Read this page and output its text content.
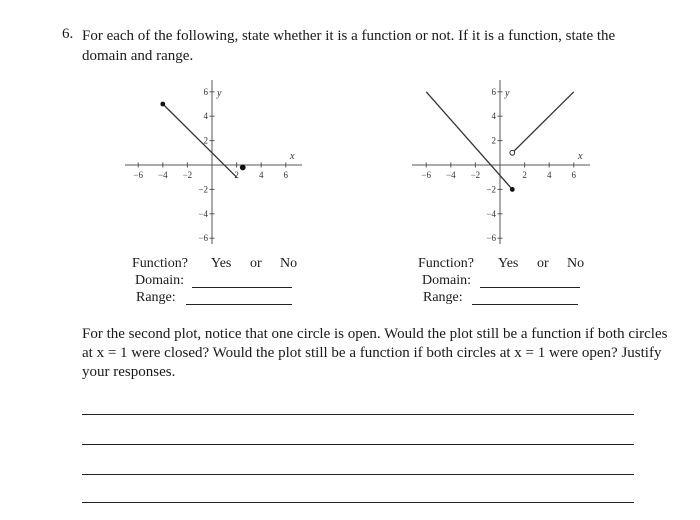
6. For each of the following, state whether it is a function or not. If it is a function, state the domain and range.
−6 −4 −2	2 4 6
6
4
2
−2
−4
−6
x
y
−6 −4 −2	2 4 6
6
4
2
−2
−4
−6
x
y
Function? Yes or No
Domain:
Range:
Function? Yes or No
Domain:
Range:
For the second plot, notice that one circle is open. Would the plot still be a function if both circles at x = 1 were closed? Would the plot still be a function if both circles at x = 1 were open? Justify your responses.
